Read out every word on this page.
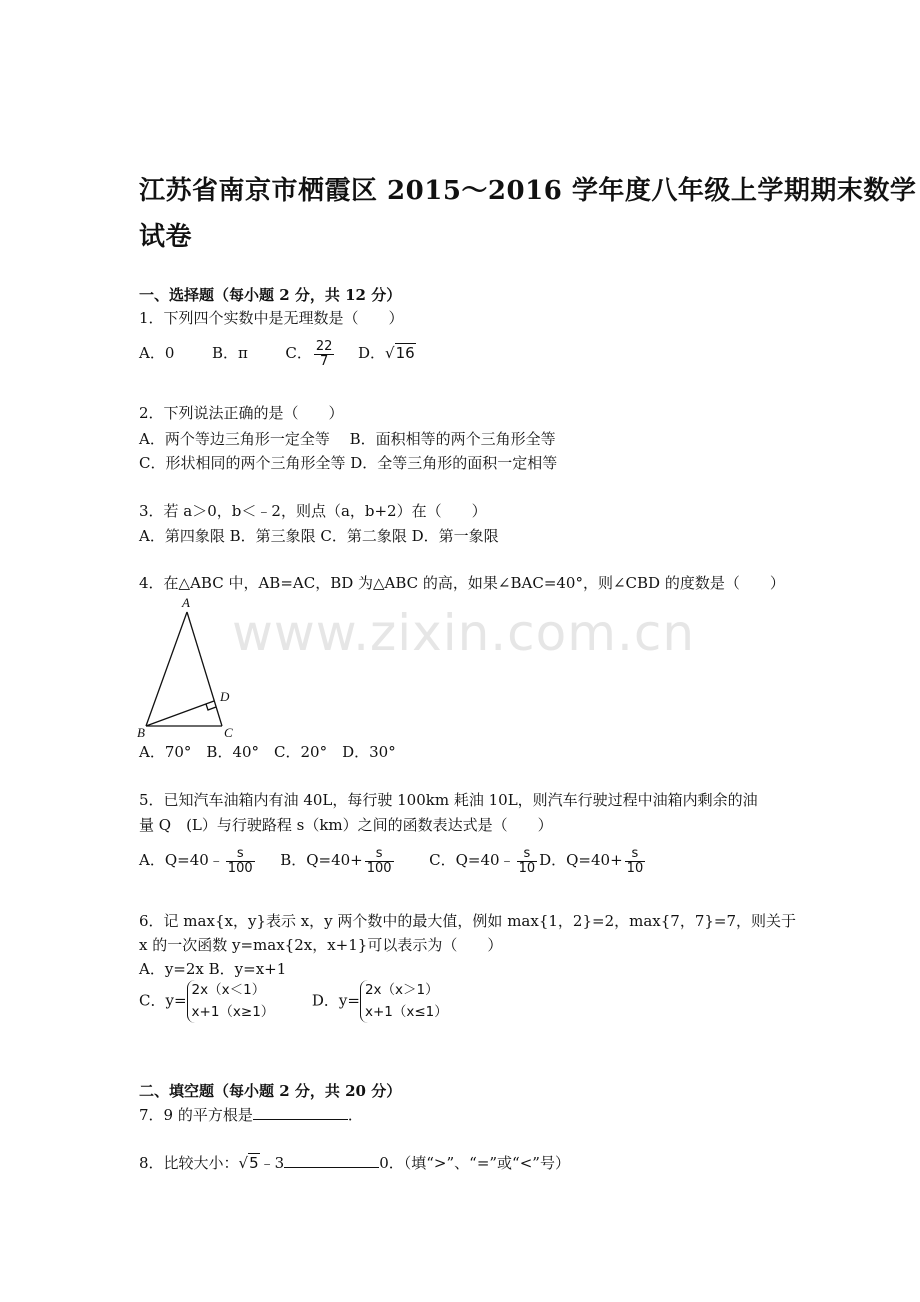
www.zixin.com.cn
江苏省南京市栖霞区 2015～2016 学年度八年级上学期期末数学
试卷
一、选择题（每小题 2 分，共 12 分）
1．下列四个实数中是无理数是（　　）
A．0	B．π	C． $\frac{22}{7}$ D．√16
2．下列说法正确的是（　　）
A．两个等边三角形一定全等　 B．面积相等的两个三角形全等
C．形状相同的两个三角形全等 D．全等三角形的面积一定相等
3．若 a＞0，b＜﹣2，则点（a，b+2）在（　　）
A．第四象限 B．第三象限 C．第二象限 D．第一象限
4．在△ABC 中，AB=AC，BD 为△ABC 的高，如果∠BAC=40°，则∠CBD 的度数是（　　）
A
B	C
D
A．70°　B．40°　C．20°　D．30°
5．已知汽车油箱内有油 40L，每行驶 100km 耗油 10L，则汽车行驶过程中油箱内剩余的油
量 Q　(L）与行驶路程 s（km）之间的函数表达式是（　　）
A．Q=40﹣ $\frac{s}{100}$ B．$Q=40+ \frac{s}{100}$ C．Q=40﹣ $\frac{s}{10}$ D．$Q=40+ \frac{s}{10}$
6．记 max{x，y}表示 x，y 两个数中的最大值，例如 max{1，2}=2，max{7，7}=7，则关于
x 的一次函数 y=max{2x，x+1}可以表示为（　　）
A．y=2x B．y=x+1
C．y=
2x（x＜1）
x+1（x≥1）
D．y=
2x（x＞1）
x+1（x≤1）
二、填空题（每小题 2 分，共 20 分）
7．9 的平方根是	．
8．比较大小：√5﹣3	0．（填“>”、“=”或“<”号）
